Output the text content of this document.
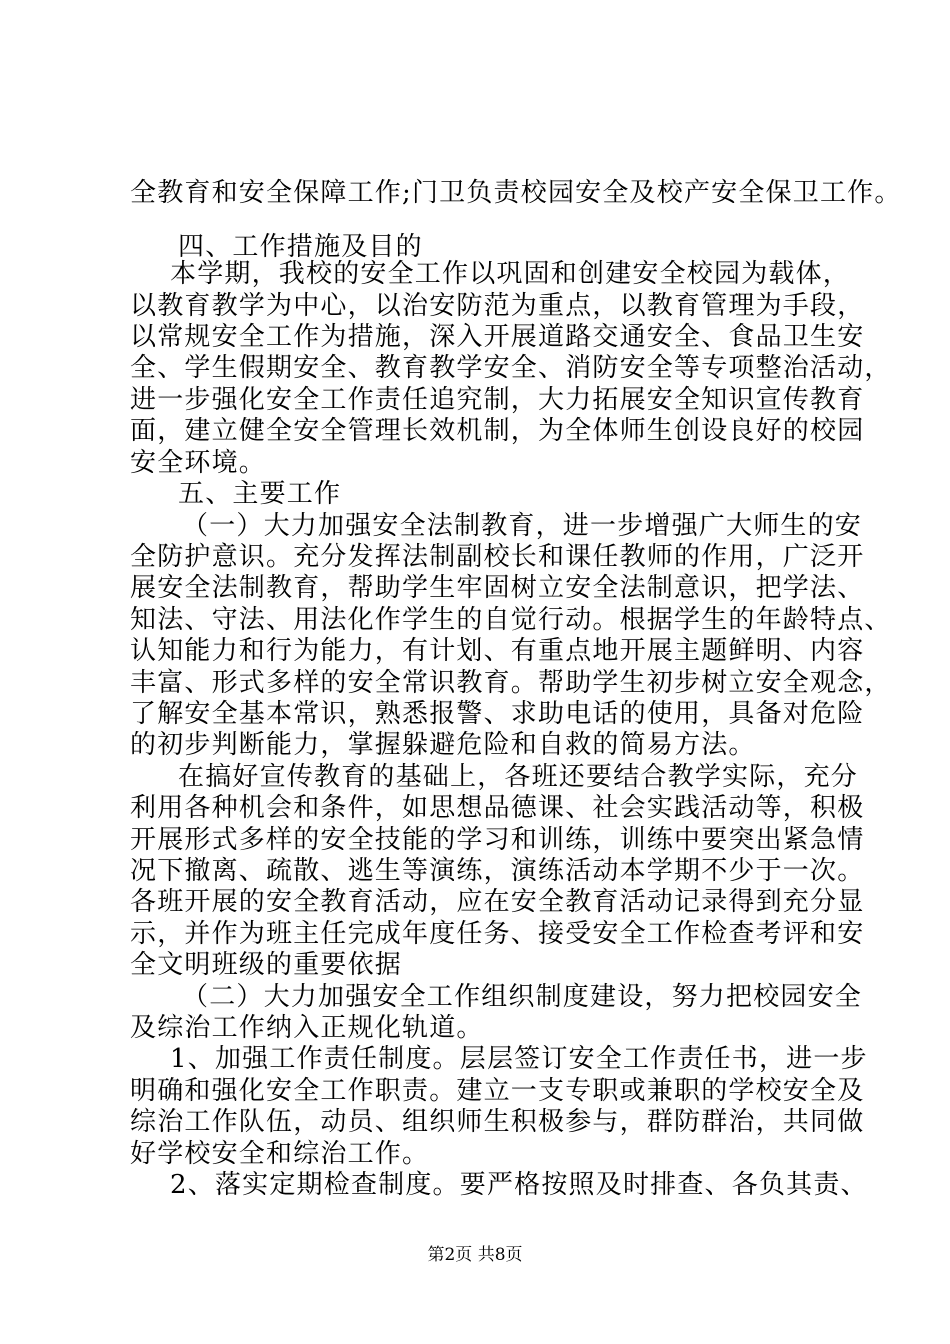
全教育和安全保障工作;门卫负责校园安全及校产安全保卫工作。
四、工作措施及目的
本学期，我校的安全工作以巩固和创建安全校园为载体，
以教育教学为中心，以治安防范为重点，以教育管理为手段，
以常规安全工作为措施，深入开展道路交通安全、食品卫生安
全、学生假期安全、教育教学安全、消防安全等专项整治活动，
进一步强化安全工作责任追究制，大力拓展安全知识宣传教育
面，建立健全安全管理长效机制，为全体师生创设良好的校园
安全环境。
五、主要工作
（一）大力加强安全法制教育，进一步增强广大师生的安
全防护意识。充分发挥法制副校长和课任教师的作用，广泛开
展安全法制教育，帮助学生牢固树立安全法制意识，把学法、
知法、守法、用法化作学生的自觉行动。根据学生的年龄特点、
认知能力和行为能力，有计划、有重点地开展主题鲜明、内容
丰富、形式多样的安全常识教育。帮助学生初步树立安全观念，
了解安全基本常识，熟悉报警、求助电话的使用，具备对危险
的初步判断能力，掌握躲避危险和自救的简易方法。
在搞好宣传教育的基础上，各班还要结合教学实际，充分
利用各种机会和条件，如思想品德课、社会实践活动等，积极
开展形式多样的安全技能的学习和训练，训练中要突出紧急情
况下撤离、疏散、逃生等演练，演练活动本学期不少于一次。
各班开展的安全教育活动，应在安全教育活动记录得到充分显
示，并作为班主任完成年度任务、接受安全工作检查考评和安
全文明班级的重要依据
（二）大力加强安全工作组织制度建设，努力把校园安全
及综治工作纳入正规化轨道。
1、加强工作责任制度。层层签订安全工作责任书，进一步
明确和强化安全工作职责。建立一支专职或兼职的学校安全及
综治工作队伍，动员、组织师生积极参与，群防群治，共同做
好学校安全和综治工作。
2、落实定期检查制度。要严格按照及时排查、各负其责、
第2页 共8页
